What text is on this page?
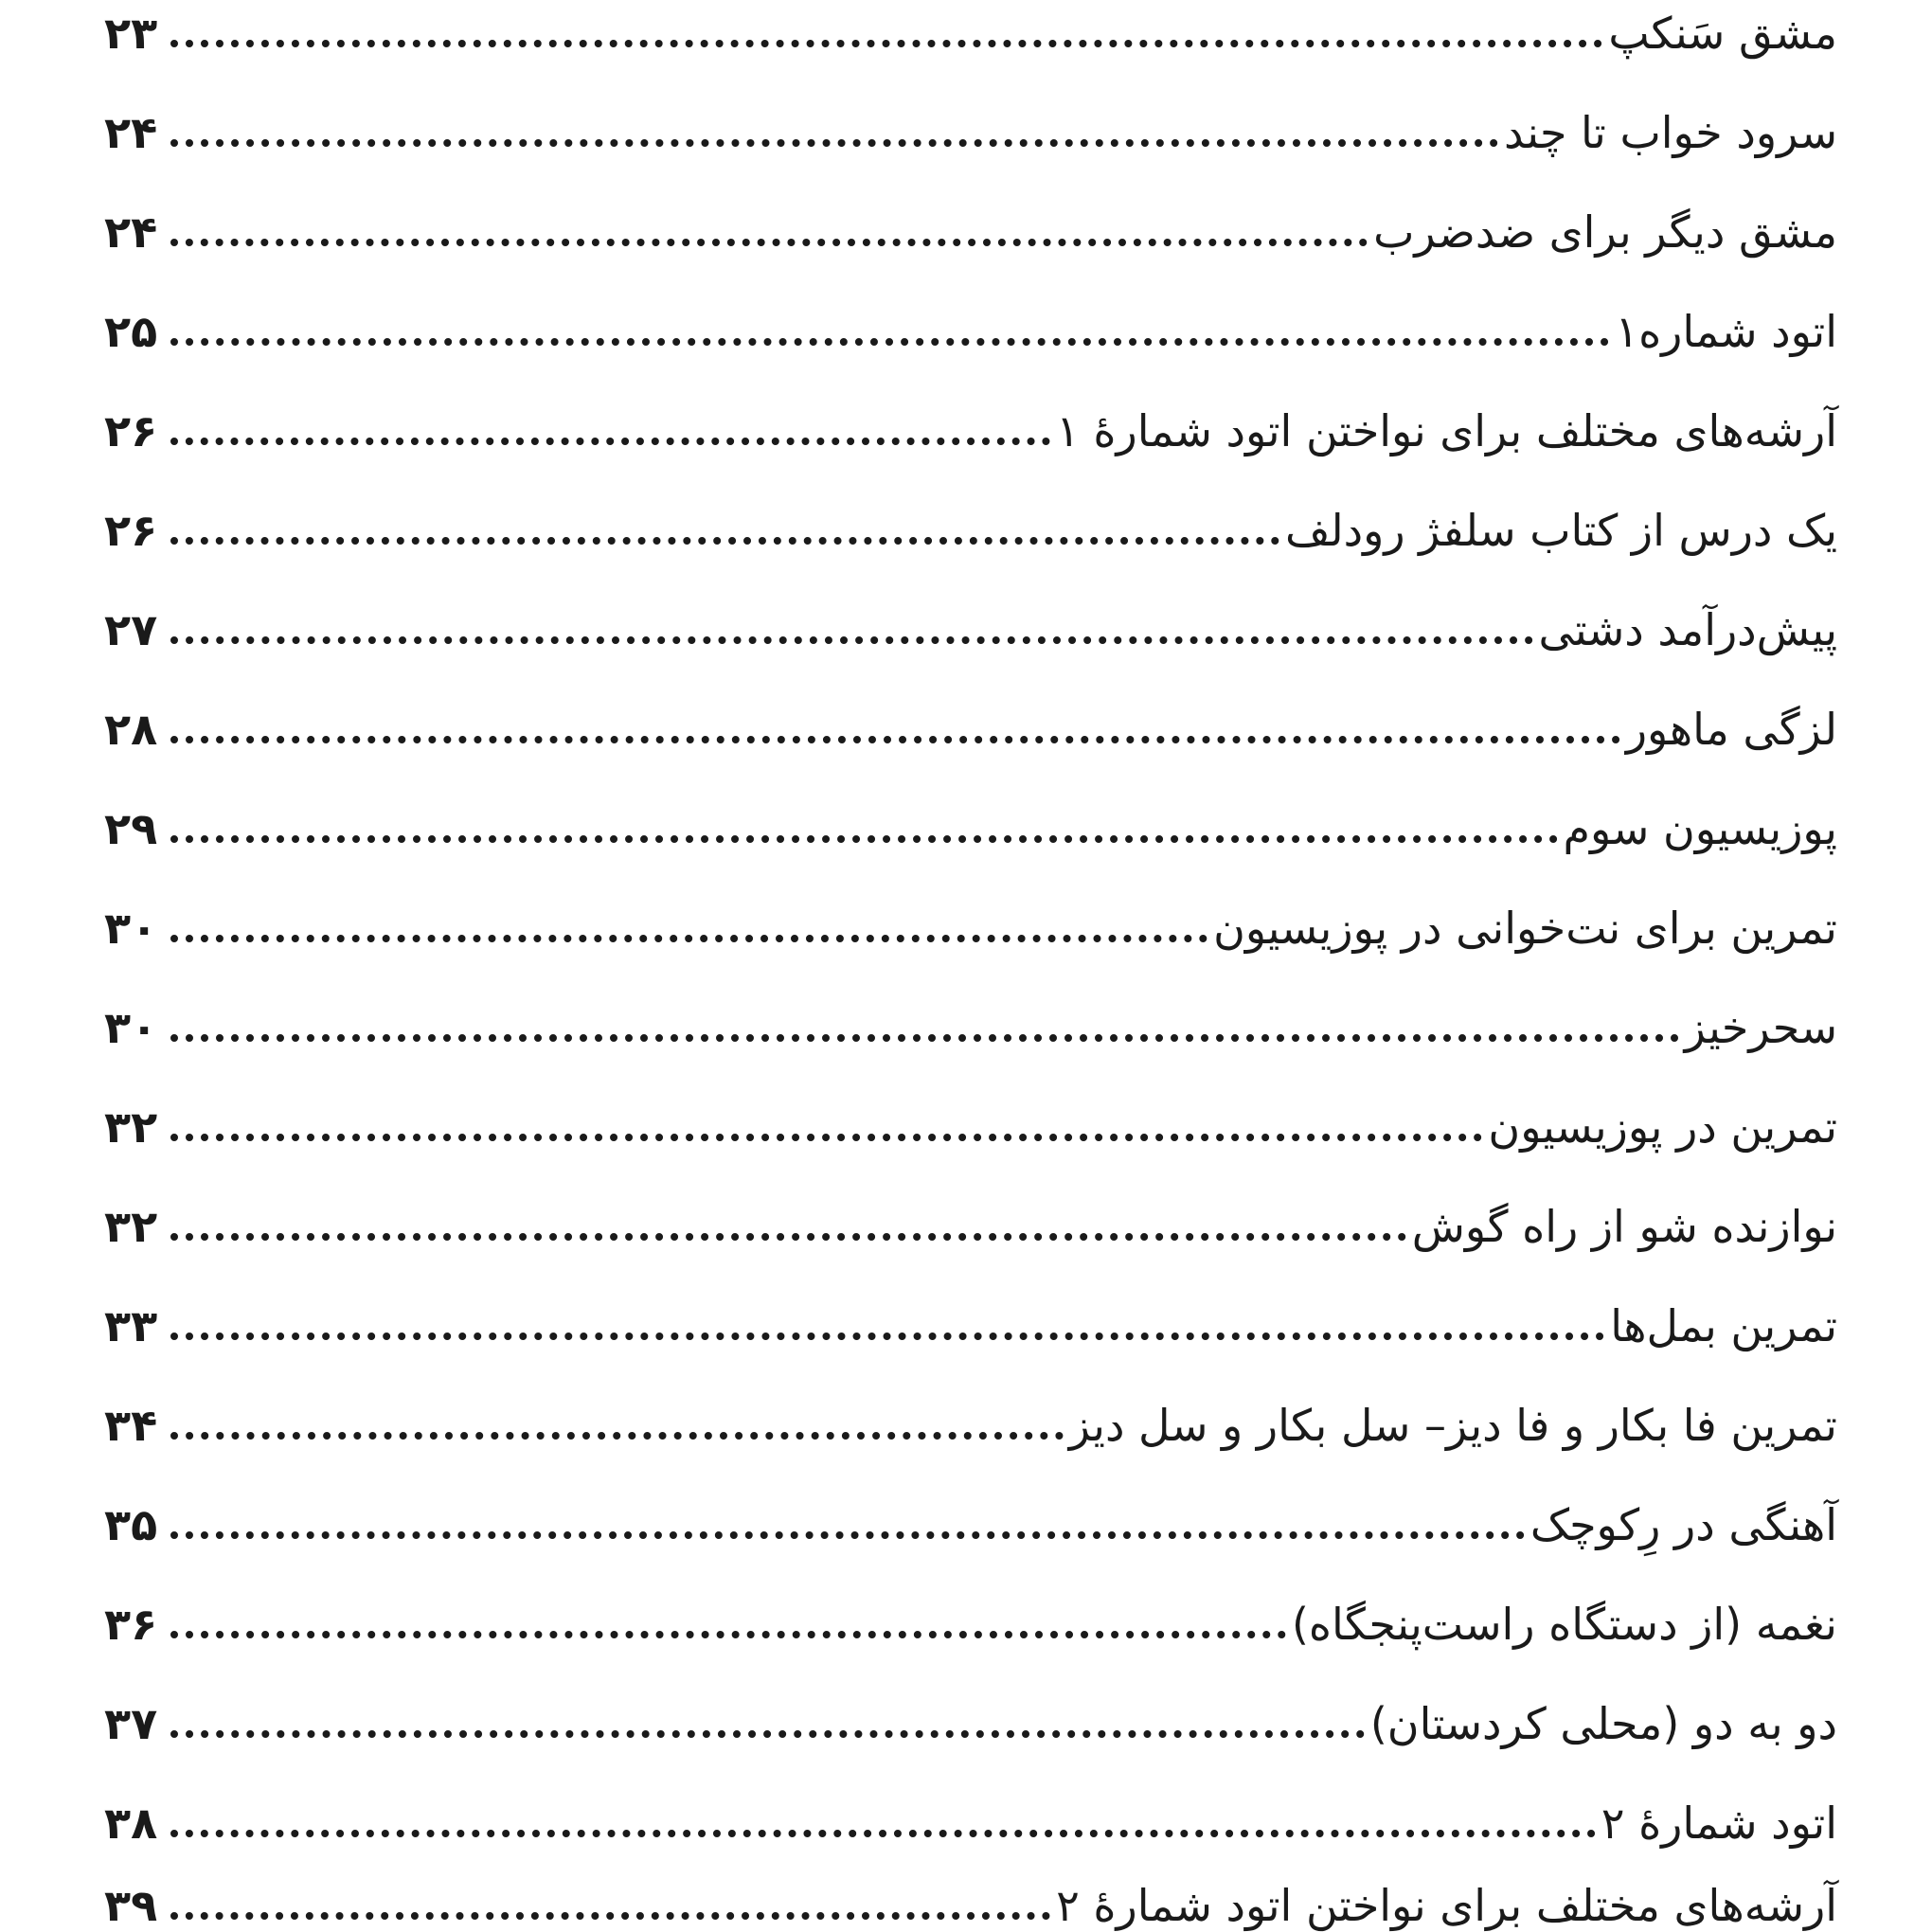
مشق سَنکپ
۲۳
سرود خواب تا چند
۲۴
مشق دیگر برای ضدضرب
۲۴
اتود شماره۱
۲۵
آرشه‌های مختلف برای نواختن اتود شمارهٔ ۱
۲۶
یک درس از کتاب سلفژ رودلف
۲۶
پیش‌درآمد دشتی
۲۷
لزگی ماهور
۲۸
پوزیسیون سوم
۲۹
تمرین برای نت‌خوانی در پوزیسیون
۳۰
سحرخیز
۳۰
تمرین در پوزیسیون
۳۲
نوازنده شو از راه گوش
۳۲
تمرین بمل‌ها
۳۳
تمرین فا بکار و فا دیز– سل بکار و سل دیز
۳۴
آهنگی در رِکوچک
۳۵
نغمه (از دستگاه راست‌پنجگاه)
۳۶
دو به دو (محلی کردستان)
۳۷
اتود شمارهٔ ۲
۳۸
آرشه‌های مختلف برای نواختن اتود شمارهٔ ۲
۳۹
